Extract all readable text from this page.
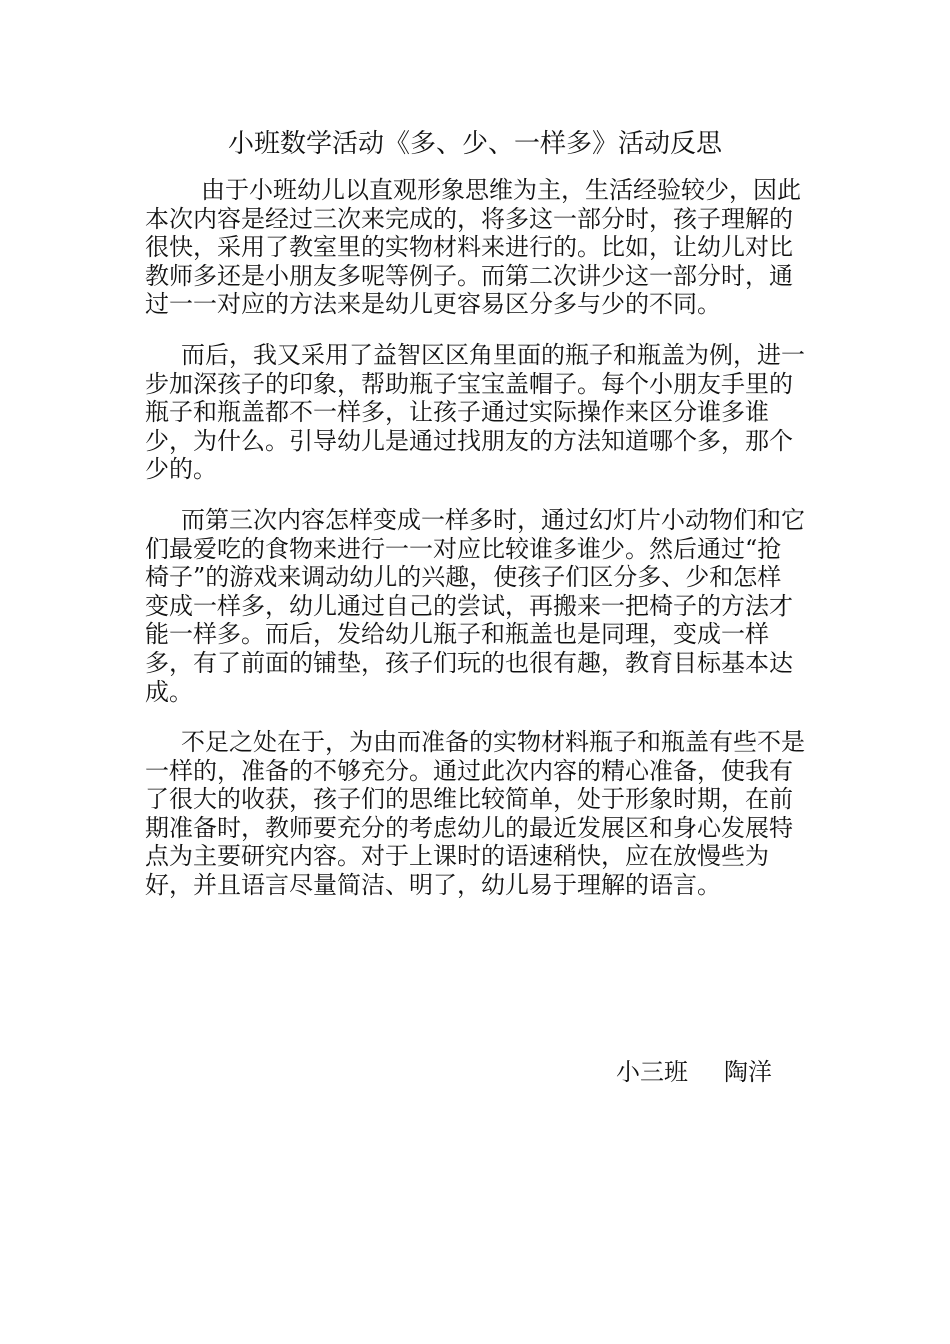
小班数学活动《多、少、一样多》活动反思

由于小班幼儿以直观形象思维为主，生活经验较少，因此本次内容是经过三次来完成的，将多这一部分时，孩子理解的很快，采用了教室里的实物材料来进行的。比如，让幼儿对比教师多还是小朋友多呢等例子。而第二次讲少这一部分时，通过一一对应的方法来是幼儿更容易区分多与少的不同。

而后，我又采用了益智区区角里面的瓶子和瓶盖为例，进一步加深孩子的印象，帮助瓶子宝宝盖帽子。每个小朋友手里的瓶子和瓶盖都不一样多，让孩子通过实际操作来区分谁多谁少，为什么。引导幼儿是通过找朋友的方法知道哪个多，那个少的。

而第三次内容怎样变成一样多时，通过幻灯片小动物们和它们最爱吃的食物来进行一一对应比较谁多谁少。然后通过“抢椅子”的游戏来调动幼儿的兴趣，使孩子们区分多、少和怎样变成一样多，幼儿通过自己的尝试，再搬来一把椅子的方法才能一样多。而后，发给幼儿瓶子和瓶盖也是同理，变成一样多，有了前面的铺垫，孩子们玩的也很有趣，教育目标基本达成。

不足之处在于，为由而准备的实物材料瓶子和瓶盖有些不是一样的，准备的不够充分。通过此次内容的精心准备，使我有了很大的收获，孩子们的思维比较简单，处于形象时期，在前期准备时，教师要充分的考虑幼儿的最近发展区和身心发展特点为主要研究内容。对于上课时的语速稍快，应在放慢些为好，并且语言尽量简洁、明了，幼儿易于理解的语言。

小三班 陶洋
